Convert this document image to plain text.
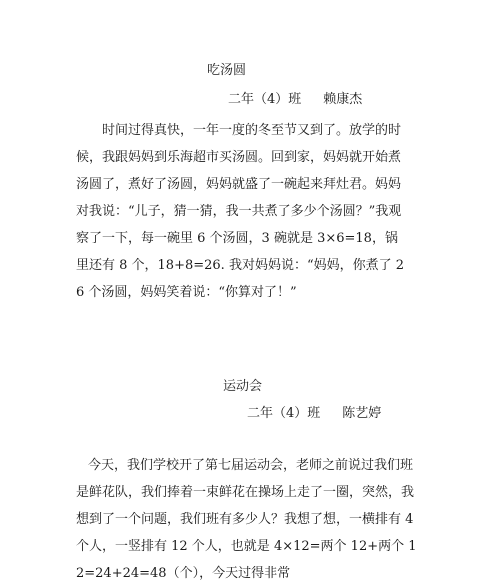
吃汤圆
二年（4）班 赖康杰

时间过得真快，一年一度的冬至节又到了。放学的时候，我跟妈妈到乐海超市买汤圆。回到家，妈妈就开始煮汤圆了，煮好了汤圆，妈妈就盛了一碗起来拜灶君。妈妈对我说：“儿子，猜一猜，我一共煮了多少个汤圆？”我观察了一下，每一碗里 6 个汤圆，3 碗就是 3×6=18，锅里还有 8 个，18+8=26. 我对妈妈说：“妈妈，你煮了 26 个汤圆，妈妈笑着说：“你算对了！”

运动会
二年（4）班 陈艺婷

今天，我们学校开了第七届运动会，老师之前说过我们班是鲜花队，我们捧着一束鲜花在操场上走了一圈，突然，我想到了一个问题，我们班有多少人？我想了想，一横排有 4 个人，一竖排有 12 个人，也就是 4×12=两个 12+两个 12=24+24=48（个），今天过得非常
